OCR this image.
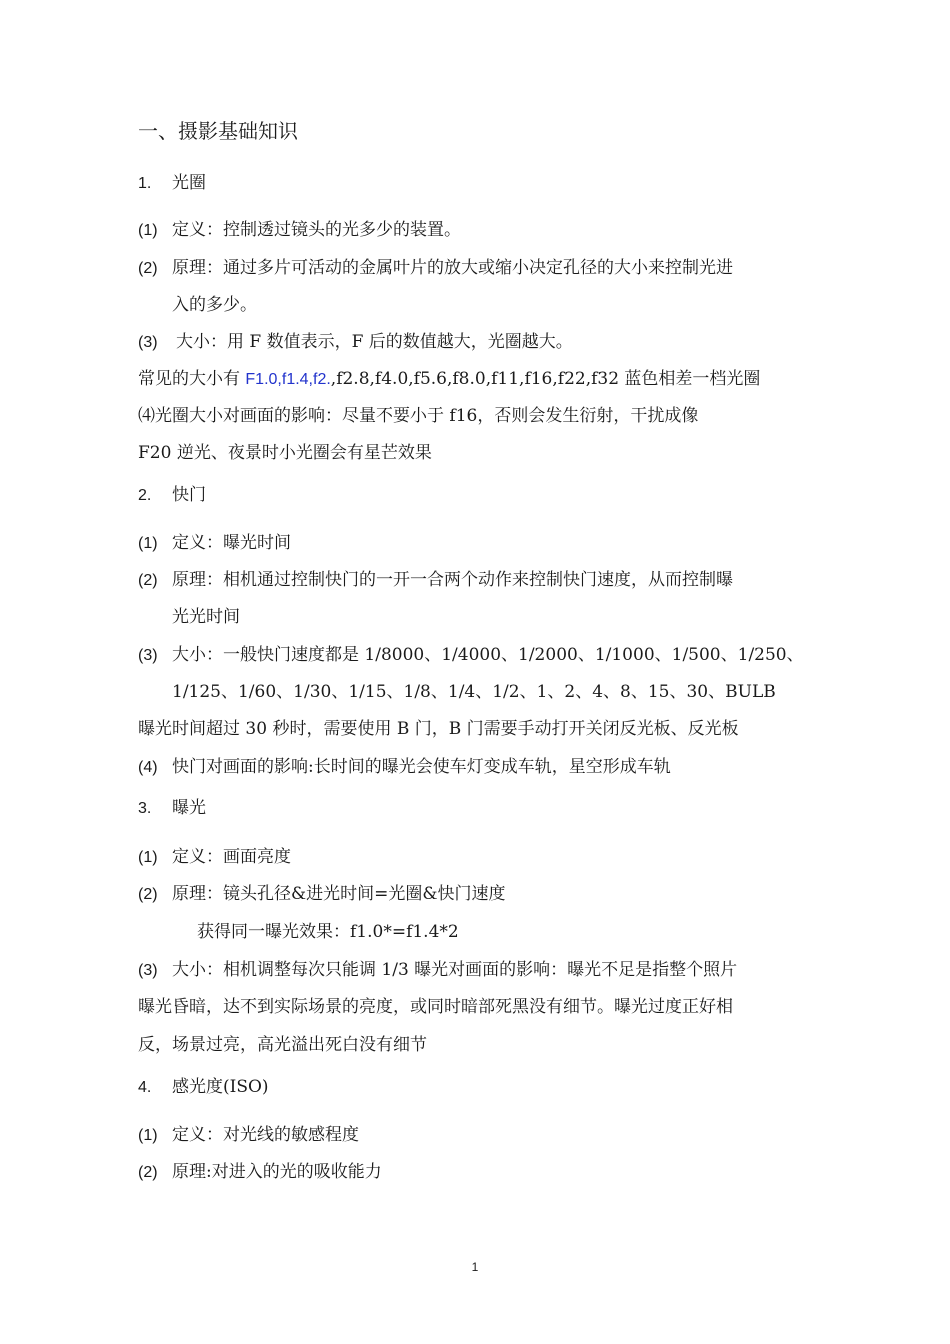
一、摄影基础知识
1. 光圈
(1) 定义：控制透过镜头的光多少的装置。
(2) 原理：通过多片可活动的金属叶片的放大或缩小决定孔径的大小来控制光进
入的多少。
(3) 大小：用 F 数值表示，F 后的数值越大，光圈越大。
常见的大小有 F1.0,f1.4,f2.,f2.8,f4.0,f5.6,f8.0,f11,f16,f22,f32 蓝色相差一档光圈
⑷光圈大小对画面的影响：尽量不要小于 f16，否则会发生衍射，干扰成像
F20 逆光、夜景时小光圈会有星芒效果
2. 快门
(1) 定义：曝光时间
(2) 原理：相机通过控制快门的一开一合两个动作来控制快门速度，从而控制曝
光光时间
(3) 大小：一般快门速度都是 1/8000、1/4000、1/2000、1/1000、1/500、1/250、
1/125、1/60、1/30、1/15、1/8、1/4、1/2、1、2、4、8、15、30、BULB
曝光时间超过 30 秒时，需要使用 B 门，B 门需要手动打开关闭反光板、反光板
(4) 快门对画面的影响:长时间的曝光会使车灯变成车轨，星空形成车轨
3. 曝光
(1) 定义：画面亮度
(2) 原理：镜头孔径&进光时间=光圈&快门速度
获得同一曝光效果：f1.0*=f1.4*2
(3) 大小：相机调整每次只能调 1/3 曝光对画面的影响：曝光不足是指整个照片
曝光昏暗，达不到实际场景的亮度，或同时暗部死黑没有细节。曝光过度正好相
反，场景过亮，高光溢出死白没有细节
4. 感光度(ISO)
(1) 定义：对光线的敏感程度
(2) 原理:对进入的光的吸收能力
1
